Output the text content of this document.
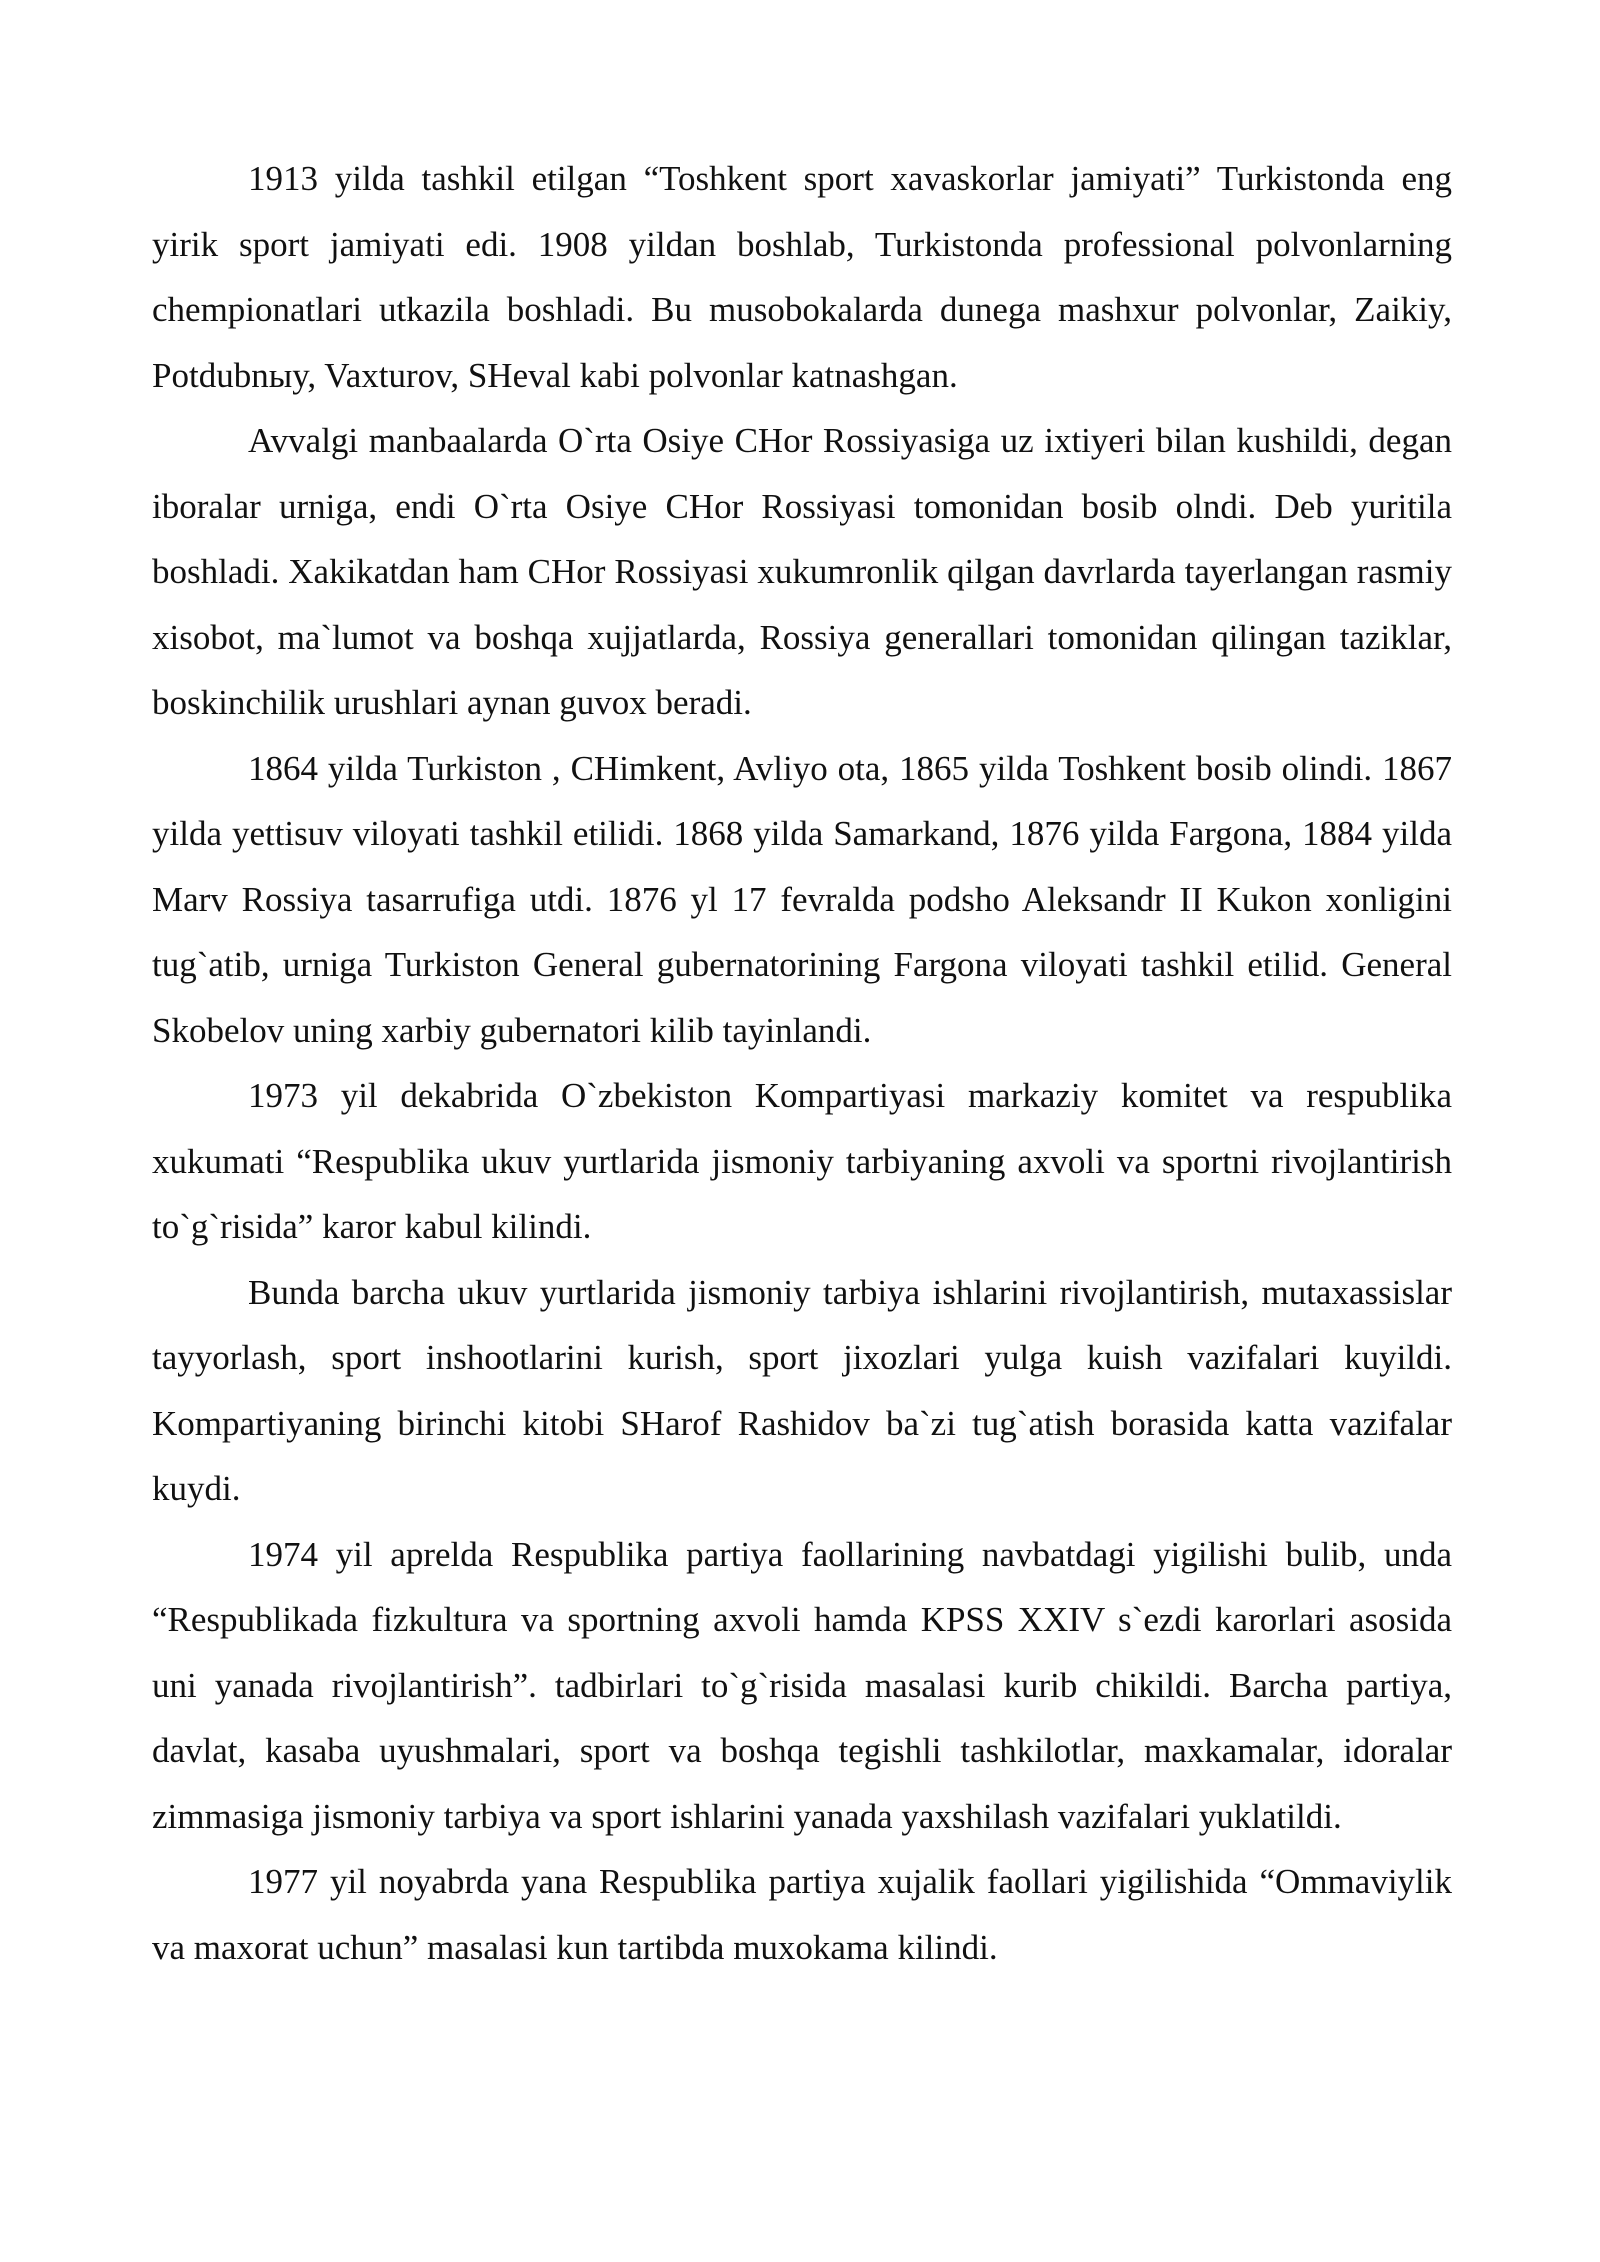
1913 yilda tashkil etilgan “Toshkent sport xavaskorlar jamiyati” Turkistonda eng yirik sport jamiyati edi. 1908 yildan boshlab, Turkistonda professional polvonlarning chempionatlari utkazila boshladi. Bu musobokalarda dunega mashxur polvonlar, Zaikiy, Potdubnыy, Vaxturov, SHeval kabi polvonlar katnashgan.

Avvalgi manbaalarda O`rta Osiye CHor Rossiyasiga uz ixtiyeri bilan kushildi, degan iboralar urniga, endi O`rta Osiye CHor Rossiyasi tomonidan bosib olndi. Deb yuritila boshladi. Xakikatdan ham CHor Rossiyasi xukumronlik qilgan davrlarda tayerlangan rasmiy xisobot, ma`lumot va boshqa xujjatlarda, Rossiya generallari tomonidan qilingan taziklar, boskinchilik urushlari aynan guvox beradi.

1864 yilda Turkiston , CHimkent, Avliyo ota, 1865 yilda Toshkent bosib olindi. 1867 yilda yettisuv viloyati tashkil etilidi. 1868 yilda Samarkand, 1876 yilda Fargona, 1884 yilda Marv Rossiya tasarrufiga utdi. 1876 yl 17 fevralda podsho Aleksandr II Kukon xonligini tug`atib, urniga Turkiston General gubernatorining Fargona viloyati tashkil etilid. General Skobelov uning xarbiy gubernatori kilib tayinlandi.

1973 yil dekabrida O`zbekiston Kompartiyasi markaziy komitet va respublika xukumati “Respublika ukuv yurtlarida jismoniy tarbiyaning axvoli va sportni rivojlantirish to`g`risida” karor kabul kilindi.

Bunda barcha ukuv yurtlarida jismoniy tarbiya ishlarini rivojlantirish, mutaxassislar tayyorlash, sport inshootlarini kurish, sport jixozlari yulga kuish vazifalari kuyildi. Kompartiyaning birinchi kitobi SHarof Rashidov ba`zi tug`atish borasida katta vazifalar kuydi.

1974 yil aprelda Respublika partiya faollarining navbatdagi yigilishi bulib, unda “Respublikada fizkultura va sportning axvoli hamda KPSS XXIV s`ezdi karorlari asosida uni yanada rivojlantirish”. tadbirlari to`g`risida masalasi kurib chikildi. Barcha partiya, davlat, kasaba uyushmalari, sport va boshqa tegishli tashkilotlar, maxkamalar, idoralar zimmasiga jismoniy tarbiya va sport ishlarini yanada yaxshilash vazifalari yuklatildi.

1977 yil noyabrda yana Respublika partiya xujalik faollari yigilishida “Ommaviylik va maxorat uchun” masalasi kun tartibda muxokama kilindi.
